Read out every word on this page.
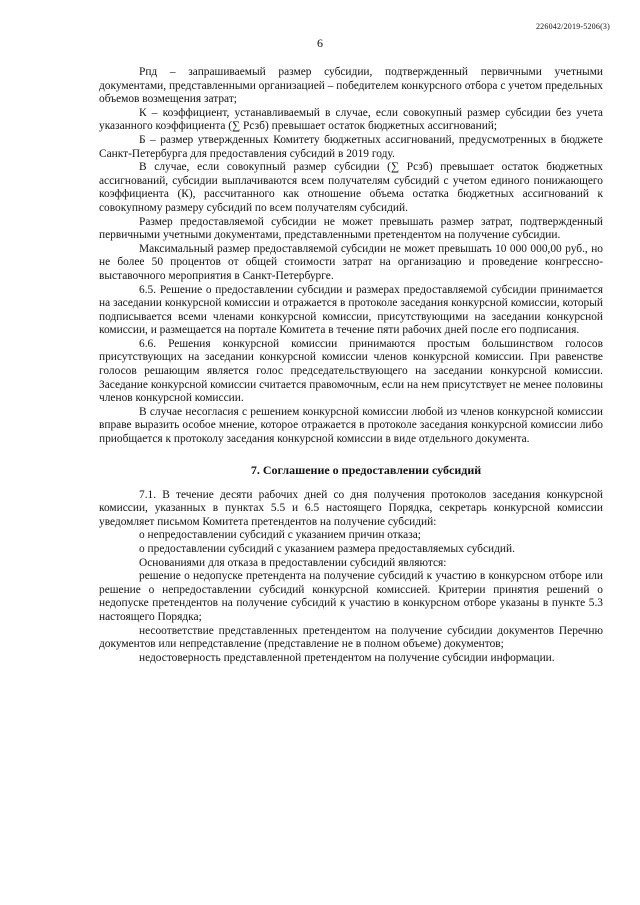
226042/2019-5206(3)
6

Рпд – запрашиваемый размер субсидии, подтвержденный первичными учетными документами, представленными организацией – победителем конкурсного отбора с учетом предельных объемов возмещения затрат;

К – коэффициент, устанавливаемый в случае, если совокупный размер субсидии без учета указанного коэффициента (∑ Рсзб) превышает остаток бюджетных ассигнований;

Б – размер утвержденных Комитету бюджетных ассигнований, предусмотренных в бюджете Санкт-Петербурга для предоставления субсидий в 2019 году.

В случае, если совокупный размер субсидии (∑ Рсзб) превышает остаток бюджетных ассигнований, субсидии выплачиваются всем получателям субсидий с учетом единого понижающего коэффициента (К), рассчитанного как отношение объема остатка бюджетных ассигнований к совокупному размеру субсидий по всем получателям субсидий.

Размер предоставляемой субсидии не может превышать размер затрат, подтвержденный первичными учетными документами, представленными претендентом на получение субсидии.

Максимальный размер предоставляемой субсидии не может превышать 10 000 000,00 руб., но не более 50 процентов от общей стоимости затрат на организацию и проведение конгрессно-выставочного мероприятия в Санкт-Петербурге.

6.5. Решение о предоставлении субсидии и размерах предоставляемой субсидии принимается на заседании конкурсной комиссии и отражается в протоколе заседания конкурсной комиссии, который подписывается всеми членами конкурсной комиссии, присутствующими на заседании конкурсной комиссии, и размещается на портале Комитета в течение пяти рабочих дней после его подписания.

6.6. Решения конкурсной комиссии принимаются простым большинством голосов присутствующих на заседании конкурсной комиссии членов конкурсной комиссии. При равенстве голосов решающим является голос председательствующего на заседании конкурсной комиссии. Заседание конкурсной комиссии считается правомочным, если на нем присутствует не менее половины членов конкурсной комиссии.

В случае несогласия с решением конкурсной комиссии любой из членов конкурсной комиссии вправе выразить особое мнение, которое отражается в протоколе заседания конкурсной комиссии либо приобщается к протоколу заседания конкурсной комиссии в виде отдельного документа.

7. Соглашение о предоставлении субсидий

7.1. В течение десяти рабочих дней со дня получения протоколов заседания конкурсной комиссии, указанных в пунктах 5.5 и 6.5 настоящего Порядка, секретарь конкурсной комиссии уведомляет письмом Комитета претендентов на получение субсидий:

о непредоставлении субсидий с указанием причин отказа;

о предоставлении субсидий с указанием размера предоставляемых субсидий.

Основаниями для отказа в предоставлении субсидий являются:

решение о недопуске претендента на получение субсидий к участию в конкурсном отборе или решение о непредоставлении субсидий конкурсной комиссией. Критерии принятия решений о недопуске претендентов на получение субсидий к участию в конкурсном отборе указаны в пункте 5.3 настоящего Порядка;

несоответствие представленных претендентом на получение субсидии документов Перечню документов или непредставление (представление не в полном объеме) документов;

недостоверность представленной претендентом на получение субсидии информации.
